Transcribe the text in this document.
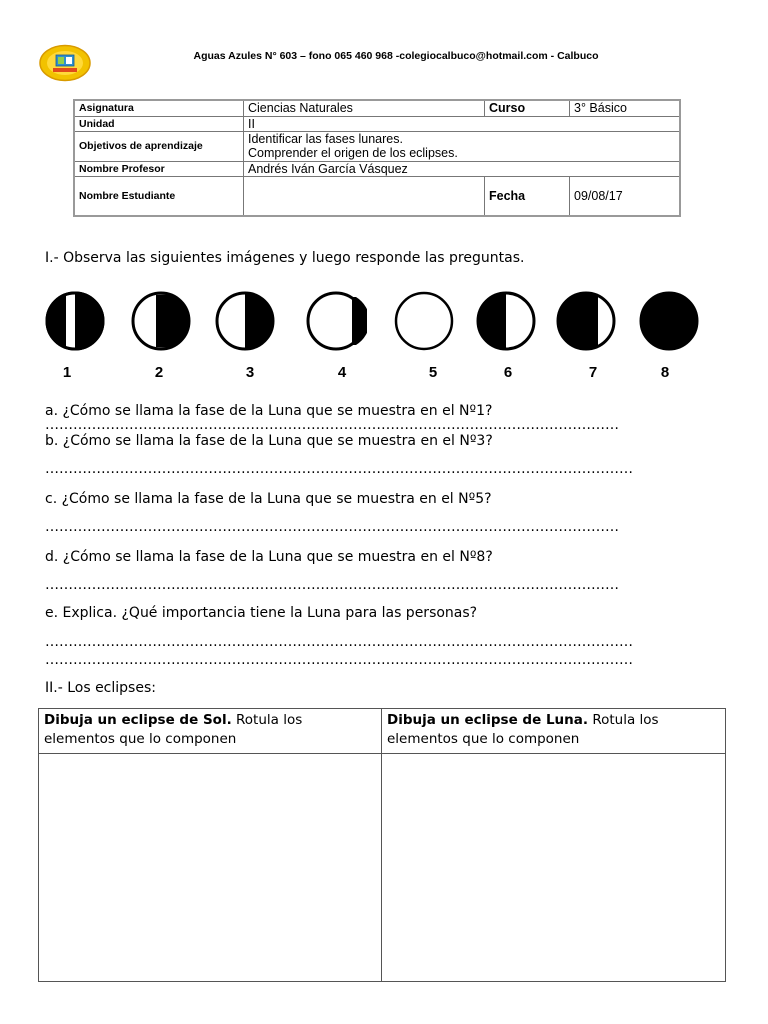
Aguas Azules N° 603 – fono 065 460 968 -colegiocalbuco@hotmail.com - Calbuco
Asignatura	Ciencias Naturales	Curso	3° Básico
Unidad	II		
Objetivos de aprendizaje	Identificar las fases lunares.
Comprender el origen de los eclipses.		

Nombre Profesor	Andrés Iván García Vásquez		
Nombre Estudiante		Fecha	09/08/17
I.- Observa las siguientes imágenes y luego responde las preguntas.
1	2	3	4	5	6	7	8
a. ¿Cómo se llama la fase de la Luna que se muestra en el Nº1?
……………………………………………………………………………………………………………
b. ¿Cómo se llama la fase de la Luna que se muestra en el Nº3?
………………………………………………………………………………………………………………
c. ¿Cómo se llama la fase de la Luna que se muestra en el Nº5?
……………………………………………………………………………………………………………
d. ¿Cómo se llama la fase de la Luna que se muestra en el Nº8?
……………………………………………………………………………………………………………
e. Explica. ¿Qué importancia tiene la Luna para las personas?
………………………………………………………………………………………………………………
………………………………………………………………………………………………………………
II.- Los eclipses:
Dibuja un eclipse de Sol. Rotula los elementos que lo componen	Dibuja un eclipse de Luna. Rotula los elementos que lo componen
